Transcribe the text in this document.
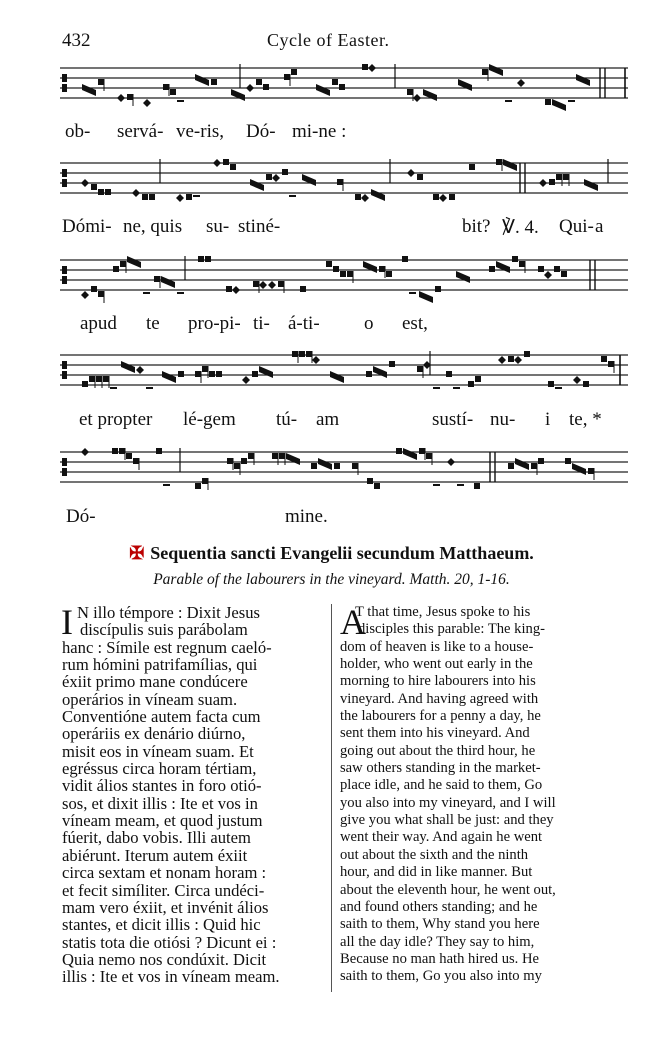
432	Cycle of Easter.
ob- servá- ve-ris, Dó- mi-ne :
Dómi- ne, quis su- stiné-	bit? ℣. 4. Qui- a
apud te pro-pi- ti- á-ti- o est,
et propter lé-gem tú- am	sustí- nu- i te, *
Dó-	mine.
✠ Sequentia sancti Evangelii secundum Matthaeum.
Parable of the labourers in the vineyard. Matth. 20, 1-16.
I N illo témpore : Dixit Jesus
discípulis suis parábolam
hanc : Símile est regnum caeló-
rum hómini patrifamílias, qui
éxiit primo mane condúcere
operários in víneam suam.
Conventióne autem facta cum
operáriis ex denário diúrno,
misit eos in víneam suam. Et
egréssus circa horam tértiam,
vidit álios stantes in foro otió-
sos, et dixit illis : Ite et vos in
víneam meam, et quod justum
fúerit, dabo vobis. Illi autem
abiérunt. Iterum autem éxiit
circa sextam et nonam horam :
et fecit simíliter. Circa undéci-
mam vero éxiit, et invénit álios
stantes, et dicit illis : Quid hic
statis tota die otiósi ? Dicunt ei :
Quia nemo nos condúxit. Dicit
illis : Ite et vos in víneam meam.
A
T that time, Jesus spoke to his
disciples this parable: The king-
dom of heaven is like to a house-
holder, who went out early in the
morning to hire labourers into his
vineyard. And having agreed with
the labourers for a penny a day, he
sent them into his vineyard. And
going out about the third hour, he
saw others standing in the market-
place idle, and he said to them, Go
you also into my vineyard, and I will
give you what shall be just: and they
went their way. And again he went
out about the sixth and the ninth
hour, and did in like manner. But
about the eleventh hour, he went out,
and found others standing; and he
saith to them, Why stand you here
all the day idle? They say to him,
Because no man hath hired us. He
saith to them, Go you also into my
